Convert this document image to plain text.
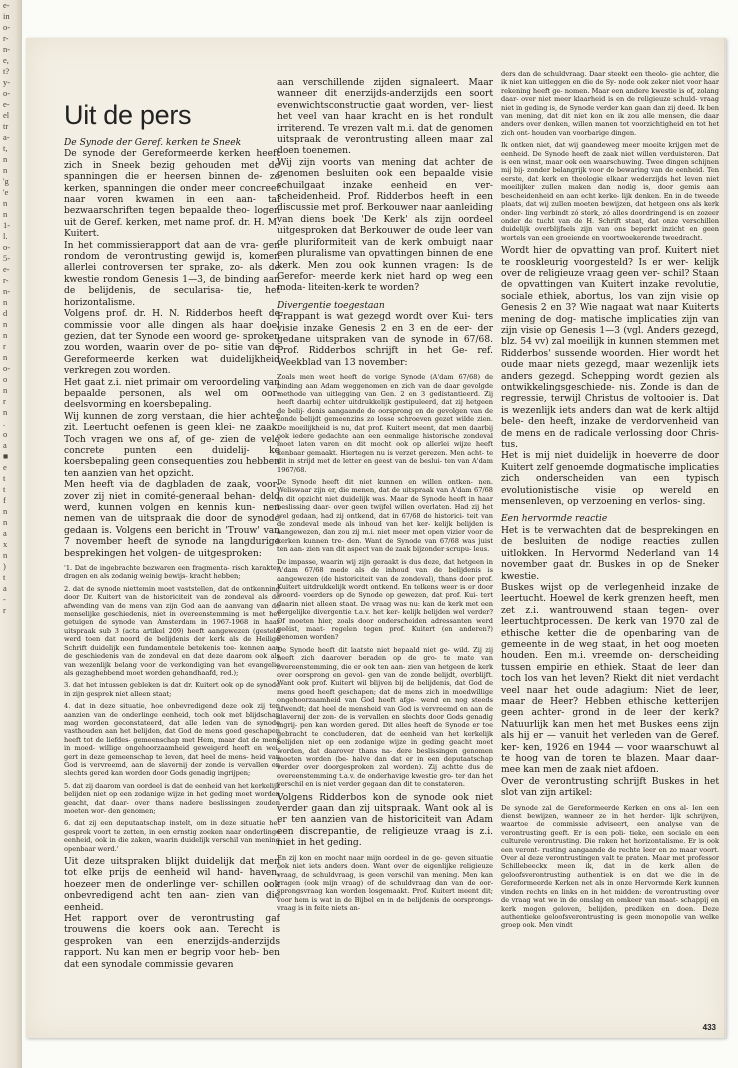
e-
in
o-
r-
n-
e,
t?
y-
o-
e-
el
tr
a-
t,
n
n
'g
'e
n
n
1-
l.
o-
5-
e-
r-
n-
n
d
n
n
r
n
o-
o
n
r
n
.
o
a
■
e
t
t
f
n
n
a
x
n
)
t
a
-
r
Uit de pers
De Synode der Geref. kerken te Sneek

De synode der Gereformeerde kerken heeft zich in Sneek bezig gehouden met de spanningen die er heersen binnen de- ze kerken, spanningen die onder meer concreet naar voren kwamen in een aan- tal bezwaarschriften tegen bepaalde theo- logen uit de Geref. kerken, met name prof. dr. H. M. Kuitert.

In het commissierapport dat aan de vra- gen rondom de verontrusting gewijd is, komen allerlei controversen ter sprake, zo- als de kwestie rondom Genesis 1—3, de binding aan de belijdenis, de secularisa- tie, het horizontalisme.

Volgens prof. dr. H. N. Ridderbos heeft de commissie voor alle dingen als haar doel gezien, dat ter Synode een woord ge- sproken zou worden, waarin over de po- sitie van de Gereformeerde kerken wat duidelijkheid verkregen zou worden.

Het gaat z.i. niet primair om veroordeling van bepaalde personen, als wel om oor- deelsvorming en koersbepaling.

Wij kunnen de zorg verstaan, die hier achter zit. Leertucht oefenen is geen klei- ne zaak. Toch vragen we ons af, of ge- zien de vele concrete punten een duidelij- ke koersbepaling geen consequenties zou hebben ten aanzien van het opzicht.

Men heeft via de dagbladen de zaak, voor- zover zij niet in comité-generaal behan- deld werd, kunnen volgen en kennis kun- nen nemen van de uitspraak die door de synode gedaan is. Volgens een bericht in 'Trouw' van 7 november heeft de synode na langdurige besprekingen het volgen- de uitgesproken:

'1. Dat de ingebrachte bezwaren een fragmenta- risch karakter dragen en als zodanig weinig bewijs- kracht hebben;

2. dat de synode niettemin moet vaststellen, dat de ontkenning door Dr. Kuitert van de historiciteit van de zondeval als de afwending van de mens van zijn God aan de aanvang van de menselijke geschiedenis, niet in overeenstemming is met het getuigen de synode van Amsterdam in 1967-1968 in haar uitspraak sub 3 (acta artikel 209) heeft aangewezen (gesteld werd toen dat noord de belijdenis der kerk als de Heilige Schrift duidelijk een fundamentele betekenis toe- kennen aan de geschiedenis van de zondeval en dat deze daarom ook als van wezenlijk belang voor de verkondiging van het evangelie als gezaghebbend moet worden gehandhaafd, red.);

3. dat het intussen gebleken is dat dr. Kuitert ook op de synode in zijn gesprek niet alleen staat;

4. dat in deze situatie, hoe onbevredigend deze ook zij ten aanzien van de onderlinge eenheid, toch ook met blijdschap mag worden geconstateerd, dat alle leden van de synode vasthouden aan het belijden, dat God de mens goed geschapen heeft tot de liefdes- gemeenschap met Hem, maar dat de mens in moed- willige ongehoorzaamheid geweigerd heeft en wei- gert in deze gemeenschap te leven, dat heel de mens- heid van God is vervreemd, aan de slavernij der zonde is vervallen en slechts gered kan worden door Gods genadig ingrijpen;

5. dat zij daarom van oordeel is dat de eenheid van het kerkelijk belijden niet op een zodanige wijze in het geding moet worden geacht, dat daar- over thans nadere beslissingen zouden moeten wor- den genomen;

6. dat zij een deputaatschap instelt, om in deze situatie het gesprek voort te zetten, in een ernstig zoeken naar onderlinge eenheid, ook in die zaken, waarin duidelijk verschil van mening openbaar werd.'

Uit deze uitspraken blijkt duidelijk dat men tot elke prijs de eenheid wil hand- haven, hoezeer men de onderlinge ver- schillen ook onbevredigend acht ten aan- zien van die eenheid.

Het rapport over de verontrusting gaf trouwens die koers ook aan. Terecht is gesproken van een enerzijds-anderzijds rapport. Nu kan men er begrip voor heb- ben dat een synodale commissie gevaren

aan verschillende zijden signaleert. Maar wanneer dit enerzijds-anderzijds een soort evenwichtsconstructie gaat worden, ver- liest het veel van haar kracht en is het rondult irriterend. Te vrezen valt m.i. dat de genomen uitspraak de verontrusting alleen maar zal doen toenemen.

Wij zijn voorts van mening dat achter de genomen besluiten ook een bepaalde visie schuilgaat inzake eenheid en ver- scheidenheid. Prof. Ridderbos heeft in een discussie met prof. Berkouwer naar aanleiding van diens boek 'De Kerk' als zijn oordeel uitgesproken dat Berkouwer de oude leer van de pluriformiteit van de kerk ombuigt naar een pluralisme van opvattingen binnen de ene kerk. Men zou ook kunnen vragen: Is de Gerefor- meerde kerk niet hard op weg een moda- liteiten-kerk te worden?

Divergentie toegestaan

Frappant is wat gezegd wordt over Kui- ters visie inzake Genesis 2 en 3 en de eer- der gedane uitspraken van de synode in 67/68. Prof. Ridderbos schrijft in het Ge- ref. Weekblad van 13 november:

Zoals men weet heeft de vorige Synode (A'dam 67/68) de binding aan Adam weggenomen en zich van de daar gevolgde methode van uitlegging van Gen. 2 en 3 gedistantieerd. Zij heeft daarbij echter uitdrukkelijk gestipuleerd, dat zij hetgeen de belij- denis aangaande de oorsprong en de gevolgen van de zonde belijdt gemeenzins zo losse schroeven gezet wilde zien. De moeilijkheid is nu, dat prof. Kuitert meent, dat men daarbij ook iedere gedachte aan een eenmalige historische zondeval moet laten varen en dit mocht ook op allerlei wijze heeft kenbaar gemaakt. Hiertegen nu is verzet gerezen. Men acht- te dit in strijd met de letter en geest van de beslui- ten van A'dam 1967/68.

De Synode heeft dit niet kunnen en willen ontken- nen. Weliswaar zijn er, die menen, dat de uitspraak van A'dam 67/68 in dit opzicht niet duidelijk was. Maar de Synode heeft in haar beslissing daar- over geen twijfel willen overlaten. Had zij het wel gedaan, had zij ontkend, dat in 67/68 de historici- teit van de zondeval mede als inhoud van het ker- kelijk belijden is aangewezen, dan zou zij m.i. niet meer met open vizier voor de kerken kunnen tre- den. Want de Synode van 67/68 was juist ten aan- zien van dit aspect van de zaak bijzonder scrupu- leus.

De impasse, waarin wij zijn geraakt is dus deze, dat hetgeen in A'dam 67/68 mede als de inhoud van de belijdenis is aangewezen (de historiciteit van de zondeval), thans door prof. Kuitert uitdrukkelijk wordt ontkend. En telkens weer is er door woord- voerders op de Synode op gewezen, dat prof. Kui- tert daarin niet alleen staat. De vraag was nu: kan de kerk met een dergelijke divergentie t.a.v. het ker- kelijk belijden wel verder? Of moeten hier, zoals door onderscheiden adressanten werd geëist, maat- regelen tegen prof. Kuitert (en anderen?) genomen worden?

De Synode heeft dit laatste niet bepaald niet ge- wild. Zij zij heeft zich daarover beraden op de gro- te mate van overeenstemming, die er ook ten aan- zien van hetgeen de kerk over oorsprong en gevol- gen van de zonde belijdt, overblijft. Want ook prof. Kuitert wil blijven bij de belijdenis, dat God de mens goed heeft geschapen; dat de mens zich in moedwillige ongehoorzaamheid van God heeft afge- wend en nog steeds afwendt; dat heel de mensheid van God is vervreemd en aan de slavernij der zon- de is vervallen en slechts door Gods genadig ingrij- pen kan worden gered. Dit alles heeft de Synode er toe gebracht te concluderen, dat de eenheid van het kerkelijk belijden niet op een zodanige wijze in geding geacht moet worden, dat daarover thans na- dere beslissingen genomen moeten worden (be- halve dan dat er in een deputaatschap verder over doorgesproken zal worden). Zij achtte dus de overeenstemming t.a.v. de onderhavige kwestie gro- ter dan het verschil en is niet verder gegaan dan dit te constateren.

Volgens Ridderbos kon de synode ook niet verder gaan dan zij uitspraak. Want ook al is er ten aanzien van de historiciteit van Adam een discrepantie, de religieuze vraag is z.i. niet in het geding.

En zij kon en mocht naar mijn oordeel in de ge- geven situatie ook niet iets anders doen. Want over de eigenlijke religieuze vraag, de schuldvraag, is geen verschil van mening. Men kan vragen (ook mijn vraag) of de schuldvraag dan van de oor- sprongsvraag kan worden losgemaakt. Prof. Kuitert meent dit; voor hem is wat in de Bijbel en in de belijdenis de oorsprongs-vraag is in feite niets an-

ders dan de schuldvraag. Daar steekt een theolo- gie achter, die ik niet kan uitleggen en die de Sy- node ook zeker niet voor haar rekening heeft ge- nomen. Maar een andere kwestie is of, zolang daar- over niet meer klaarheid is en de religieuze schuld- vraag niet in geding is, de Synode verder kan gaan dan zij deed. Ik ben van mening, dat dit niet kon en ik zou alle mensen, die daar anders over denken, willen manen tot voorzichtigheid en tot het zich ont- houden van voorbarige dingen.

Ik ontken niet, dat wij gaandeweg meer moeite krijgen met de eenheid. De Synode heeft de zaak niet willen verduisteren. Dat is een winst, maar ook een waarschuwing. Twee dingen schijnen mij bij- zonder belangrijk voor de bewaring van de eenheid. Ten eerste, dat kerk en theologie elkaar wederzijds het leven niet moeilijker zullen maken dan nodig is, door gemis aan bescheidenheid en aan echt kerke- lijk denken. En in de tweede plaats, dat wij zullen moeten bewijzen, dat hetgeen ons als kerk onder- ling verbindt zó sterk, zó alles doordringend is en zozeer onder de tucht van de H. Schrift staat, dat onze verschillen duidelijk overblijfsels zijn van ons beperkt inzicht en geen wortels van een groeiende en voortwoekerende tweedracht.

Wordt hier de opvatting van prof. Kuitert niet te rooskleurig voorgesteld? Is er wer- kelijk over de religieuze vraag geen ver- schil? Staan de opvattingen van Kuitert inzake revolutie, sociale ethiek, abortus, los van zijn visie op Genesis 2 en 3? Wie nagaat wat naar Kuiterts mening de dog- matische implicaties zijn van zijn visie op Genesis 1—3 (vgl. Anders gezegd, blz. 54 vv) zal moeilijk in kunnen stemmen met Ridderbos' sussende woorden. Hier wordt het oude maar niets gezegd, maar wezenlijk iets anders gezegd. Schepping wordt gezien als ontwikkelingsgeschiede- nis. Zonde is dan de regressie, terwijl Christus de voltooier is. Dat is wezenlijk iets anders dan wat de kerk altijd bele- den heeft, inzake de verdorvenheid van de mens en de radicale verlossing door Chris- tus.

Het is mij niet duidelijk in hoeverre de door Kuitert zelf genoemde dogmatische implicaties zich onderscheiden van een typisch evolutionistische visie op wereld en mensenleven, op verzoening en verlos- sing.

Een hervormde reactie

Het is te verwachten dat de besprekingen en de besluiten de nodige reacties zullen uitlokken. In Hervormd Nederland van 14 november gaat dr. Buskes in op de Sneker kwestie.

Buskes wijst op de verlegenheid inzake de leertucht. Hoewel de kerk grenzen heeft, men zet z.i. wantrouwend staan tegen- over leertuchtprocessen. De kerk van 1970 zal de ethische ketter die de openbaring van de gemeente in de weg staat, in het oog moeten houden. Een m.i. vreemde on- derscheiding tussen empirie en ethiek. Staat de leer dan toch los van het leven? Riekt dit niet verdacht veel naar het oude adagium: Niet de leer, maar de Heer? Hebben ethische ketterijen geen achter- grond in de leer der kerk? Natuurlijk kan men het met Buskes eens zijn als hij er — vanuit het verleden van de Geref. ker- ken, 1926 en 1944 — voor waarschuwt al te hoog van de toren te blazen. Maar daar- mee kan men de zaak niet afdoen.

Over de verontrusting schrijft Buskes in het slot van zijn artikel:

De synode zal de Gereformeerde Kerken en ons al- len een dienst bewijzen, wanneer ze in het herder- lijk schrijven, waartoe de commissie adviseert, een analyse van de verontrusting geeft. Er is een poli- tieke, een sociale en een culturele verontrusting. Die raken het horizontalisme. Er is ook een veront- rusting aangaande de rechte leer en zo maar voort. Over al deze verontrustingen valt te praten. Maar met professor Schillebeeckx meen ik, dat in de kerk allen de geloofsverontrusting authentiek is en dat we die in de Gereformeerde Kerken net als in onze Hervormde Kerk kunnen vinden rechts en links en in het midden: de verontrusting over de vraag wat we in de omslag en omkeer van maat- schappij en kerk mogen geloven, belijden, prediken en doen. Deze authentieke geloofsverontrusting is geen monopolie van welke groep ook. Men vindt

433
